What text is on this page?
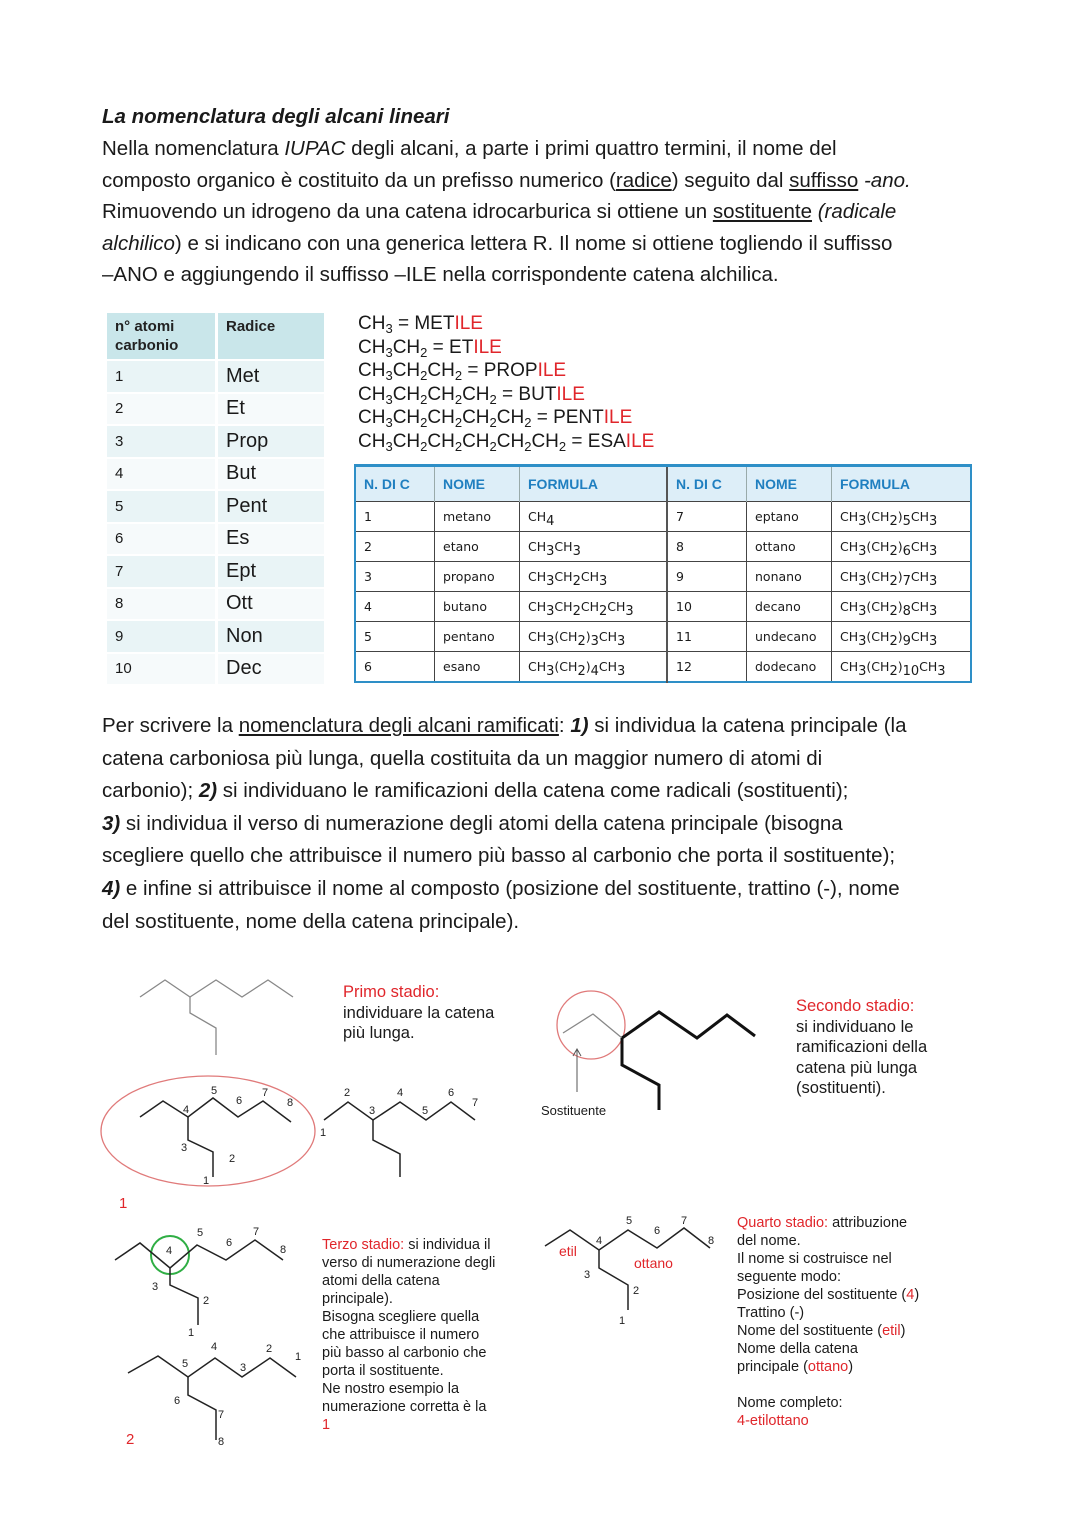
La nomenclatura degli alcani lineari
Nella nomenclatura IUPAC degli alcani, a parte i primi quattro termini, il nome del
composto organico è costituito da un prefisso numerico (radice) seguito dal suffisso -ano.
Rimuovendo un idrogeno da una catena idrocarburica si ottiene un sostituente (radicale
alchilico) e si indicano con una generica lettera R. Il nome si ottiene togliendo il suffisso
–ANO e aggiungendo il suffisso –ILE nella corrispondente catena alchilica.
n° atomi carbonio	Radice
1	Met
2	Et
3	Prop
4	But
5	Pent
6	Es
7	Ept
8	Ott
9	Non
10	Dec
$CH_3$ = METILE
$CH_3CH_2$ = ETILE
$CH_3CH_2CH_2$ = PROPILE
$CH_3CH_2CH_2CH_2$ = BUTILE
$CH_3CH_2CH_2CH_2CH_2$ = PENTILE
$CH_3CH_2CH_2CH_2CH_2CH_2$ = ESAILE
N. DI C	NOME	FORMULA	N. DI C	NOME	FORMULA
1	metano	$CH_4$	7	eptano	$CH_3(CH_2)_5CH_3$
2	etano	$CH_3CH_3$	8	ottano	$CH_3(CH_2)_6CH_3$
3	propano	$CH_3CH_2CH_3$	9	nonano	$CH_3(CH_2)_7CH_3$
4	butano	$CH_3CH_2CH_2CH_3$	10	decano	$CH_3(CH_2)_8CH_3$
5	pentano	$CH_3(CH_2)_3CH_3$	11	undecano	$CH_3(CH_2)_9CH_3$
6	esano	$CH_3(CH_2)_4CH_3$	12	dodecano	$CH_3(CH_2)_{10}CH_3$
Per scrivere la nomenclatura degli alcani ramificati: 1) si individua la catena principale (la
catena carboniosa più lunga, quella costituita da un maggior numero di atomi di
carbonio); 2) si individuano le ramificazioni della catena come radicali (sostituenti);
3) si individua il verso di numerazione degli atomi della catena principale (bisogna
scegliere quello che attribuisce il numero più basso al carbonio che porta il sostituente);
4) e infine si attribuisce il nome al composto (posizione del sostituente, trattino (-), nome
del sostituente, nome della catena principale).
4
5
6
7
8
3
2
1
1
2
3
4
5
6
7
4
5
6
7
8
3
2
1
5
4
3
2
1
6
7
8
4
5
6
7
8
3
2
1
1
2
etil
ottano
Sostituente
Primo stadio:
individuare la catena
più lunga.
Secondo stadio:
si individuano le
ramificazioni della
catena più lunga
(sostituenti).
Terzo stadio: si individua il
verso di numerazione degli
atomi della catena
principale).
Bisogna scegliere quella
che attribuisce il numero
più basso al carbonio che
porta il sostituente.
Ne nostro esempio la
numerazione corretta è la
1
Quarto stadio: attribuzione
del nome.
Il nome si costruisce nel
seguente modo:
Posizione del sostituente (4)
Trattino (-)
Nome del sostituente (etil)
Nome della catena
principale (ottano)

Nome completo:
4-etilottano
